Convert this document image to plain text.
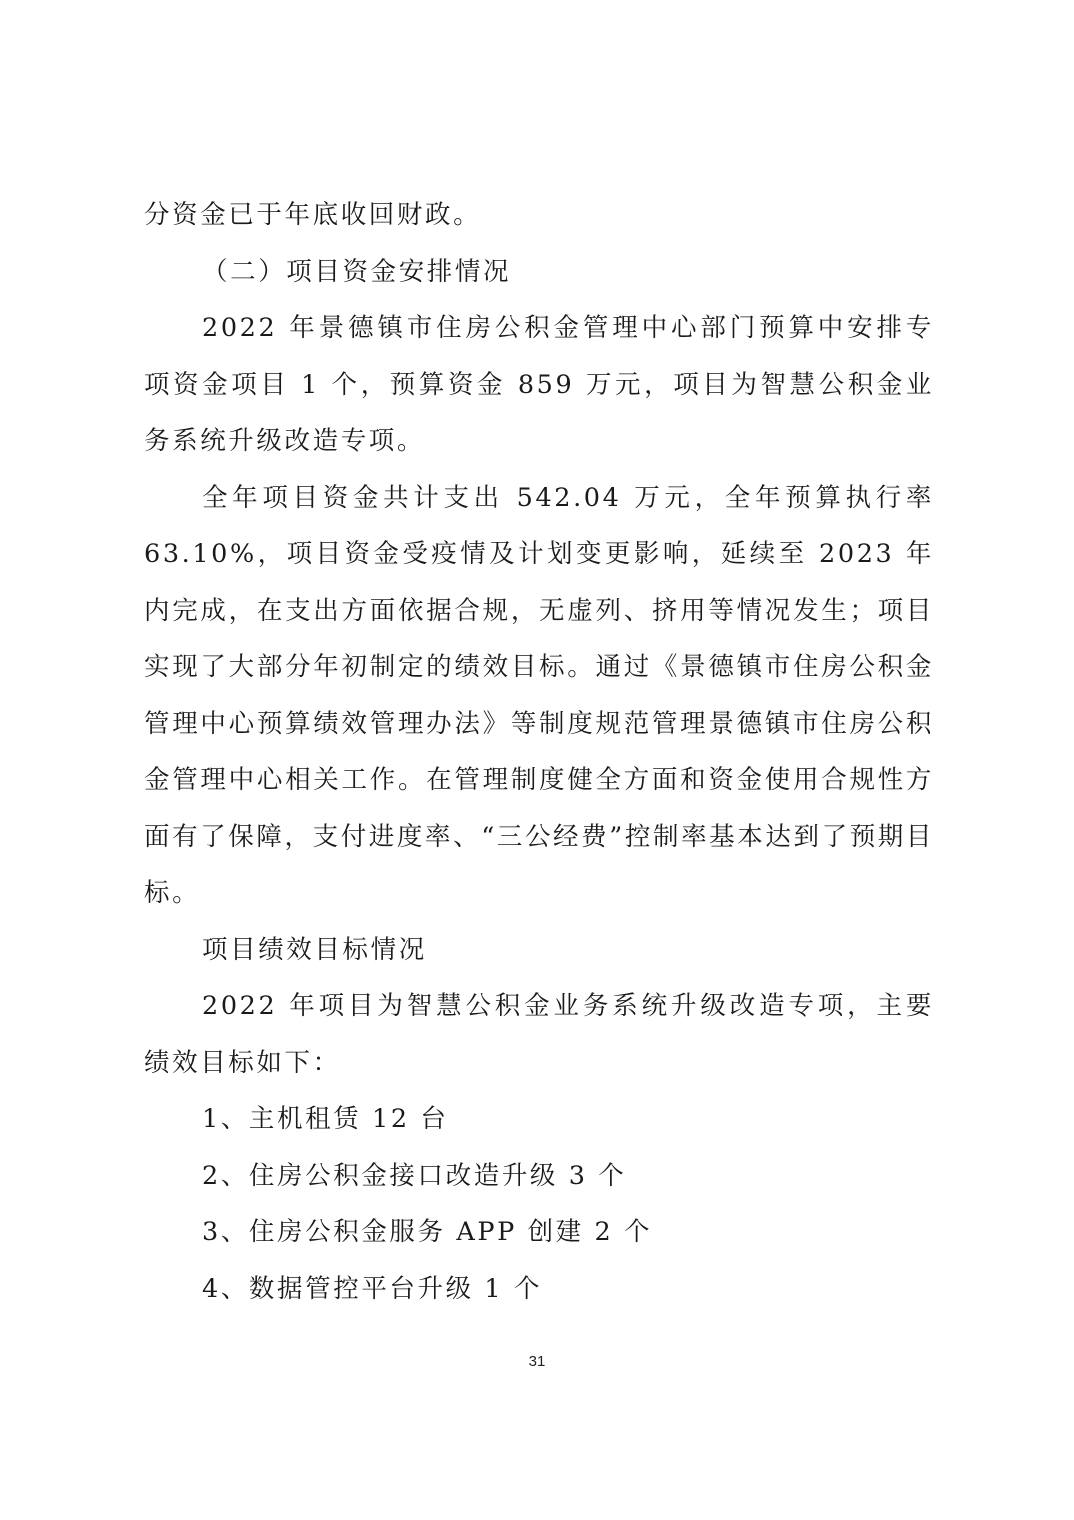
分资金已于年底收回财政。

（二）项目资金安排情况

2022 年景德镇市住房公积金管理中心部门预算中安排专项资金项目 1 个，预算资金 859 万元，项目为智慧公积金业务系统升级改造专项。

全年项目资金共计支出 542.04 万元，全年预算执行率 63.10%，项目资金受疫情及计划变更影响，延续至 2023 年内完成，在支出方面依据合规，无虚列、挤用等情况发生；项目实现了大部分年初制定的绩效目标。通过《景德镇市住房公积金管理中心预算绩效管理办法》等制度规范管理景德镇市住房公积金管理中心相关工作。在管理制度健全方面和资金使用合规性方面有了保障，支付进度率、“三公经费”控制率基本达到了预期目标。

项目绩效目标情况

2022 年项目为智慧公积金业务系统升级改造专项，主要绩效目标如下：

1、主机租赁 12 台

2、住房公积金接口改造升级 3 个

3、住房公积金服务 APP 创建 2 个

4、数据管控平台升级 1 个

31
